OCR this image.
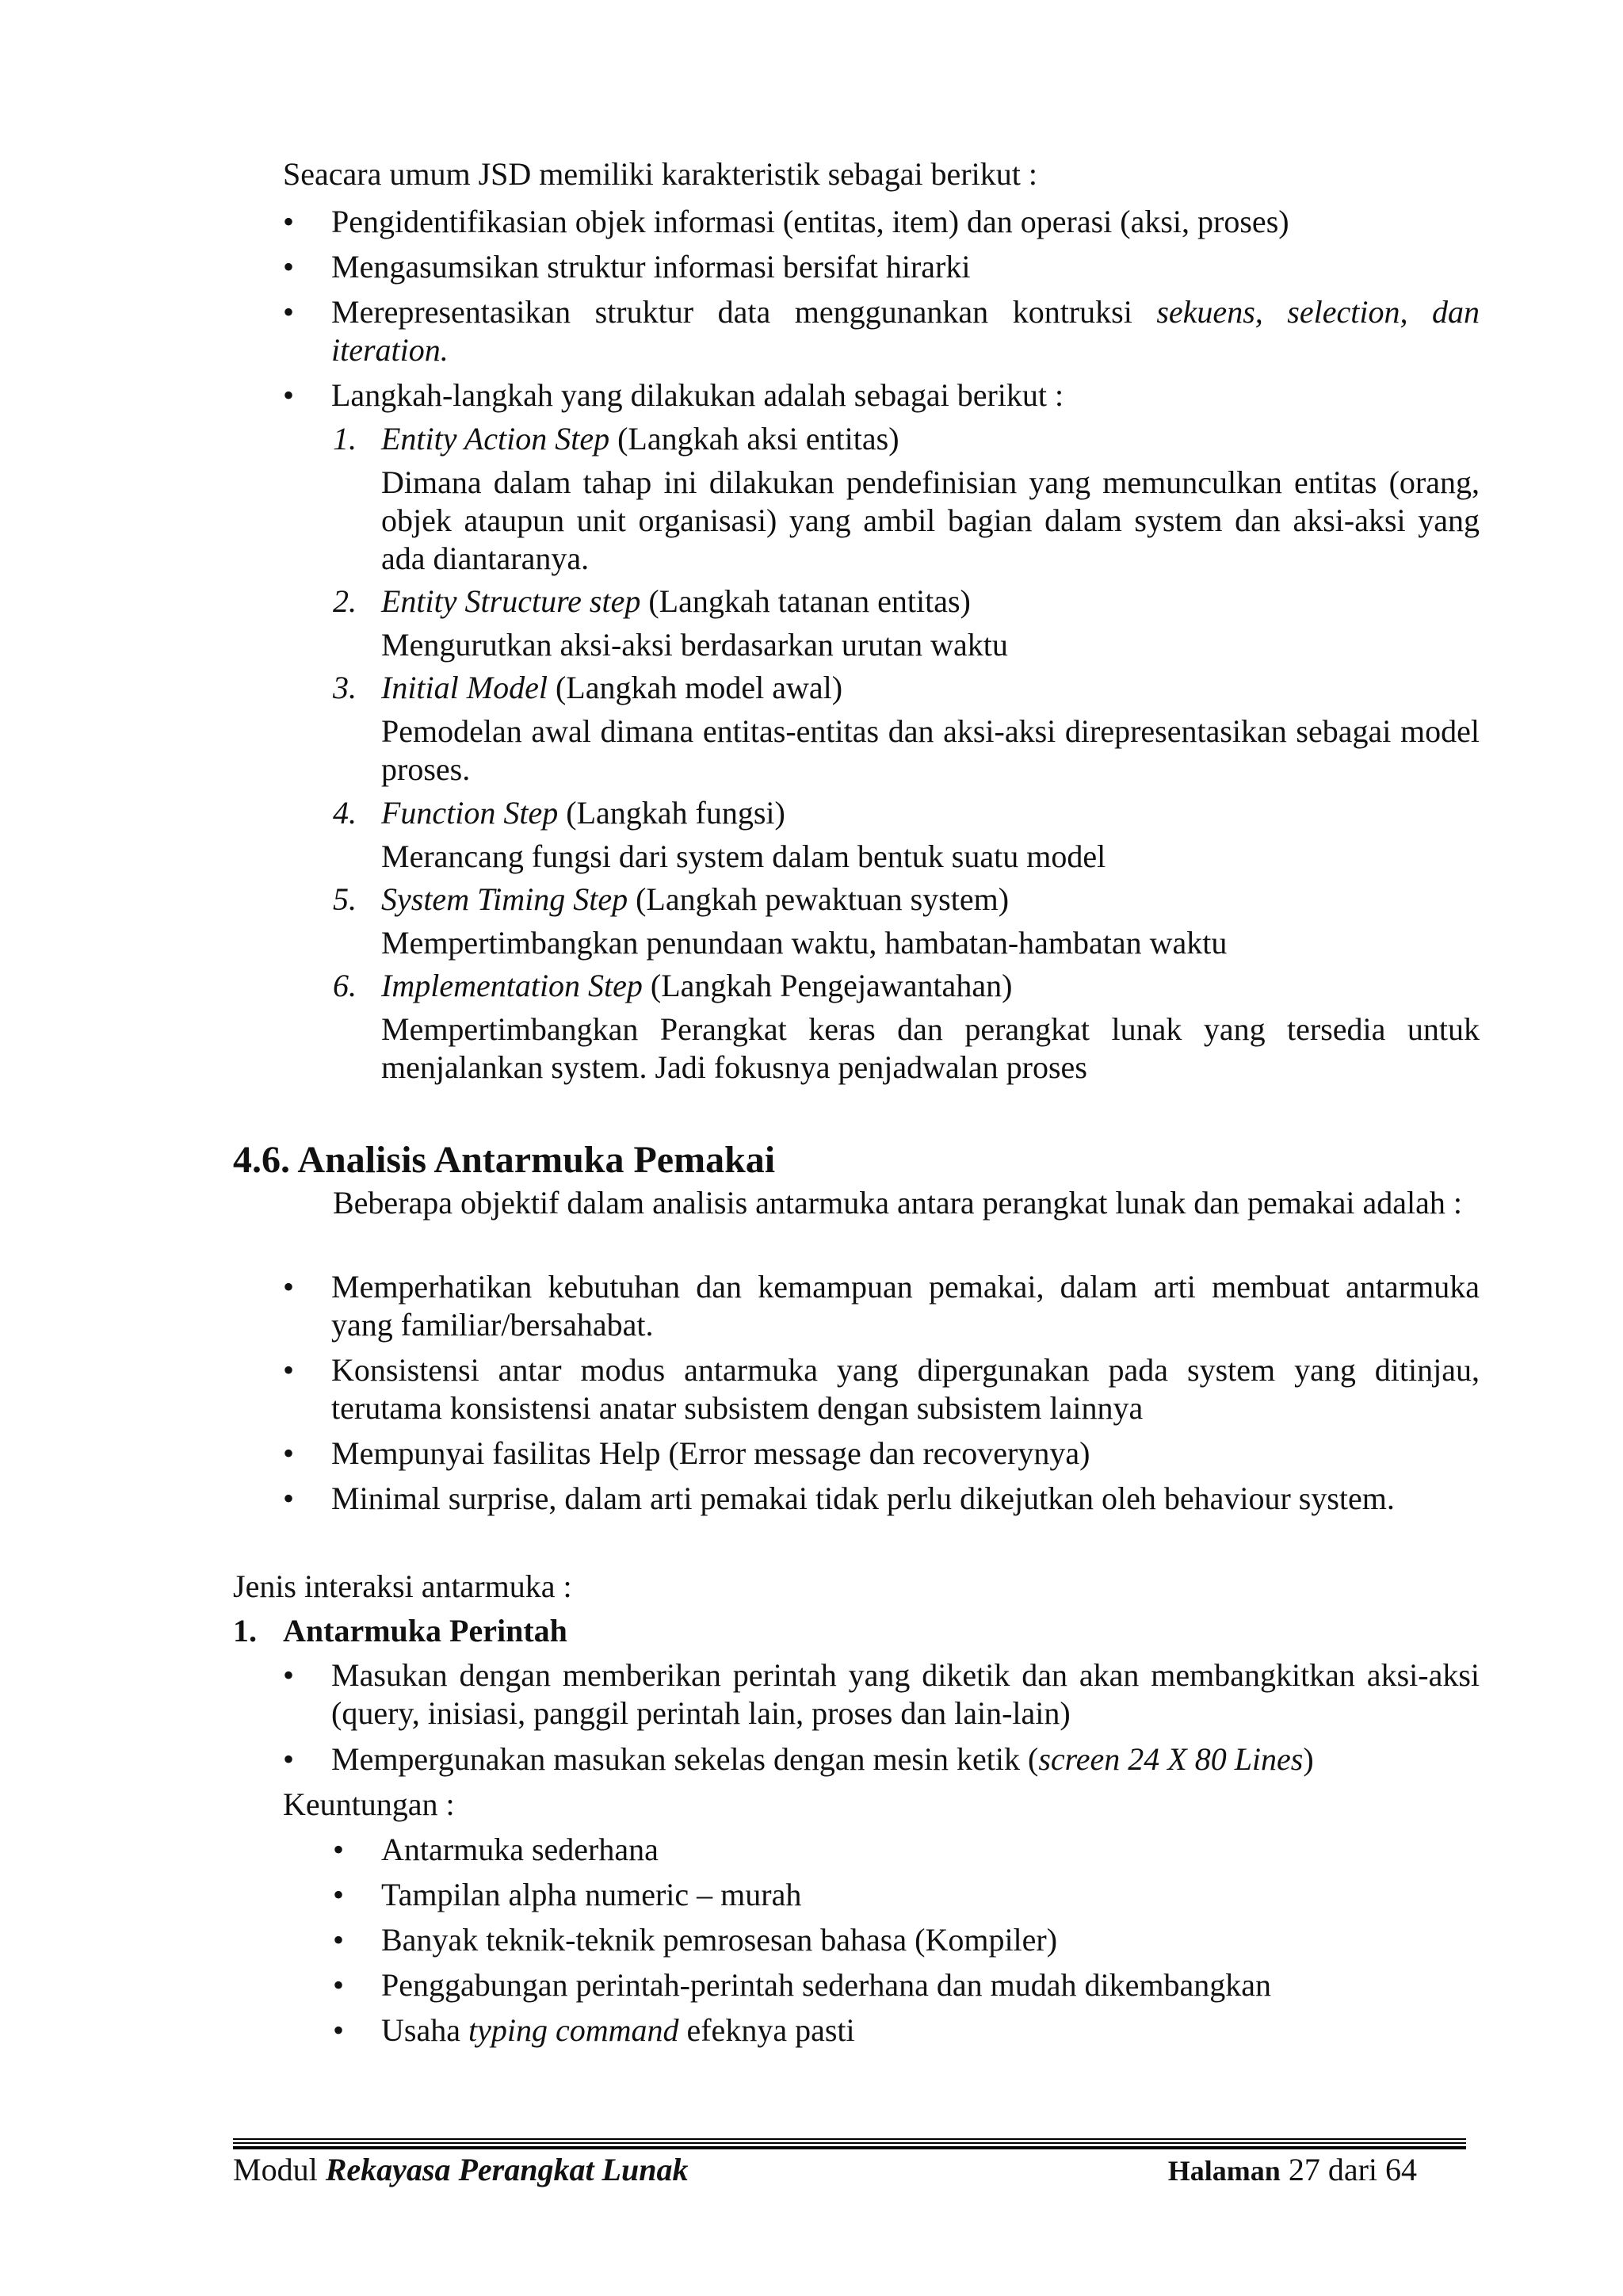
Seacara umum JSD memiliki karakteristik sebagai berikut :
•	Pengidentifikasian objek informasi (entitas, item) dan operasi (aksi, proses)
•	Mengasumsikan struktur informasi bersifat hirarki
•	Merepresentasikan struktur data menggunankan kontruksi sekuens, selection, dan iteration.
•	Langkah-langkah yang dilakukan adalah sebagai berikut :
1. Entity Action Step (Langkah aksi entitas)
Dimana dalam tahap ini dilakukan pendefinisian yang memunculkan entitas (orang, objek ataupun unit organisasi) yang ambil bagian dalam system dan aksi-aksi yang ada diantaranya.
2. Entity Structure step (Langkah tatanan entitas)
Mengurutkan aksi-aksi berdasarkan urutan waktu
3. Initial Model (Langkah model awal)
Pemodelan awal dimana entitas-entitas dan aksi-aksi direpresentasikan sebagai model proses.
4. Function Step (Langkah fungsi)
Merancang fungsi dari system dalam bentuk suatu model
5. System Timing Step (Langkah pewaktuan system)
Mempertimbangkan penundaan waktu, hambatan-hambatan waktu
6. Implementation Step (Langkah Pengejawantahan)
Mempertimbangkan Perangkat keras dan perangkat lunak yang tersedia untuk menjalankan system. Jadi fokusnya penjadwalan proses
4.6. Analisis Antarmuka Pemakai
Beberapa objektif dalam analisis antarmuka antara perangkat lunak dan pemakai adalah :
•	Memperhatikan kebutuhan dan kemampuan pemakai, dalam arti membuat antarmuka yang familiar/bersahabat.
•	Konsistensi antar modus antarmuka yang dipergunakan pada system yang ditinjau, terutama konsistensi anatar subsistem dengan subsistem lainnya
•	Mempunyai fasilitas Help (Error message dan recoverynya)
•	Minimal surprise, dalam arti pemakai tidak perlu dikejutkan oleh behaviour system.
Jenis interaksi antarmuka :
1. Antarmuka Perintah
•	Masukan dengan memberikan perintah yang diketik dan akan membangkitkan aksi-aksi (query, inisiasi, panggil perintah lain, proses dan lain-lain)
•	Mempergunakan masukan sekelas dengan mesin ketik (screen 24 X 80 Lines)
Keuntungan :
•	Antarmuka sederhana
•	Tampilan alpha numeric – murah
•	Banyak teknik-teknik pemrosesan bahasa (Kompiler)
•	Penggabungan perintah-perintah sederhana dan mudah dikembangkan
•	Usaha typing command efeknya pasti
Modul Rekayasa Perangkat Lunak	Halaman 27 dari 64
